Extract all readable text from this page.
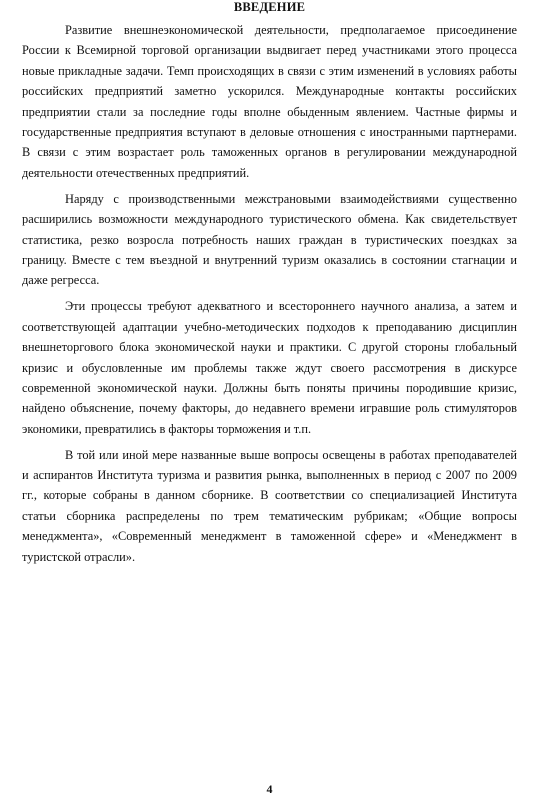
ВВЕДЕНИЕ

Развитие внешнеэкономической деятельности, предполагаемое присоединение России к Всемирной торговой организации выдвигает перед участниками этого процесса новые прикладные задачи. Темп происходящих в связи с этим изменений в условиях работы российских предприятий заметно ускорился. Международные контакты российских предприятии стали за последние годы вполне обыденным явлением. Частные фирмы и государственные предприятия вступают в деловые отношения с иностранными партнерами. В связи с этим возрастает роль таможенных органов в регулировании международной деятельности отечественных предприятий.

Наряду с производственными межстрановыми взаимодействиями существенно расширились возможности международного туристического обмена. Как свидетельствует статистика, резко возросла потребность наших граждан в туристических поездках за границу. Вместе с тем въездной и внутренний туризм оказались в состоянии стагнации и даже регресса.

Эти процессы требуют адекватного и всестороннего научного анализа, а затем и соответствующей адаптации учебно-методических подходов к преподаванию дисциплин внешнеторгового блока экономической науки и практики. С другой стороны глобальный кризис и обусловленные им проблемы также ждут своего рассмотрения в дискурсе современной экономической науки. Должны быть поняты причины породившие кризис, найдено объяснение, почему факторы, до недавнего времени игравшие роль стимуляторов экономики, превратились в факторы торможения и т.п.

В той или иной мере названные выше вопросы освещены в работах преподавателей и аспирантов Института туризма и развития рынка, выполненных в период с 2007 по 2009 гг., которые собраны в данном сборнике. В соответствии со специализацией Института статьи сборника распределены по трем тематическим рубрикам; «Общие вопросы менеджмента», «Современный менеджмент в таможенной сфере» и «Менеджмент в туристской отрасли».

4
